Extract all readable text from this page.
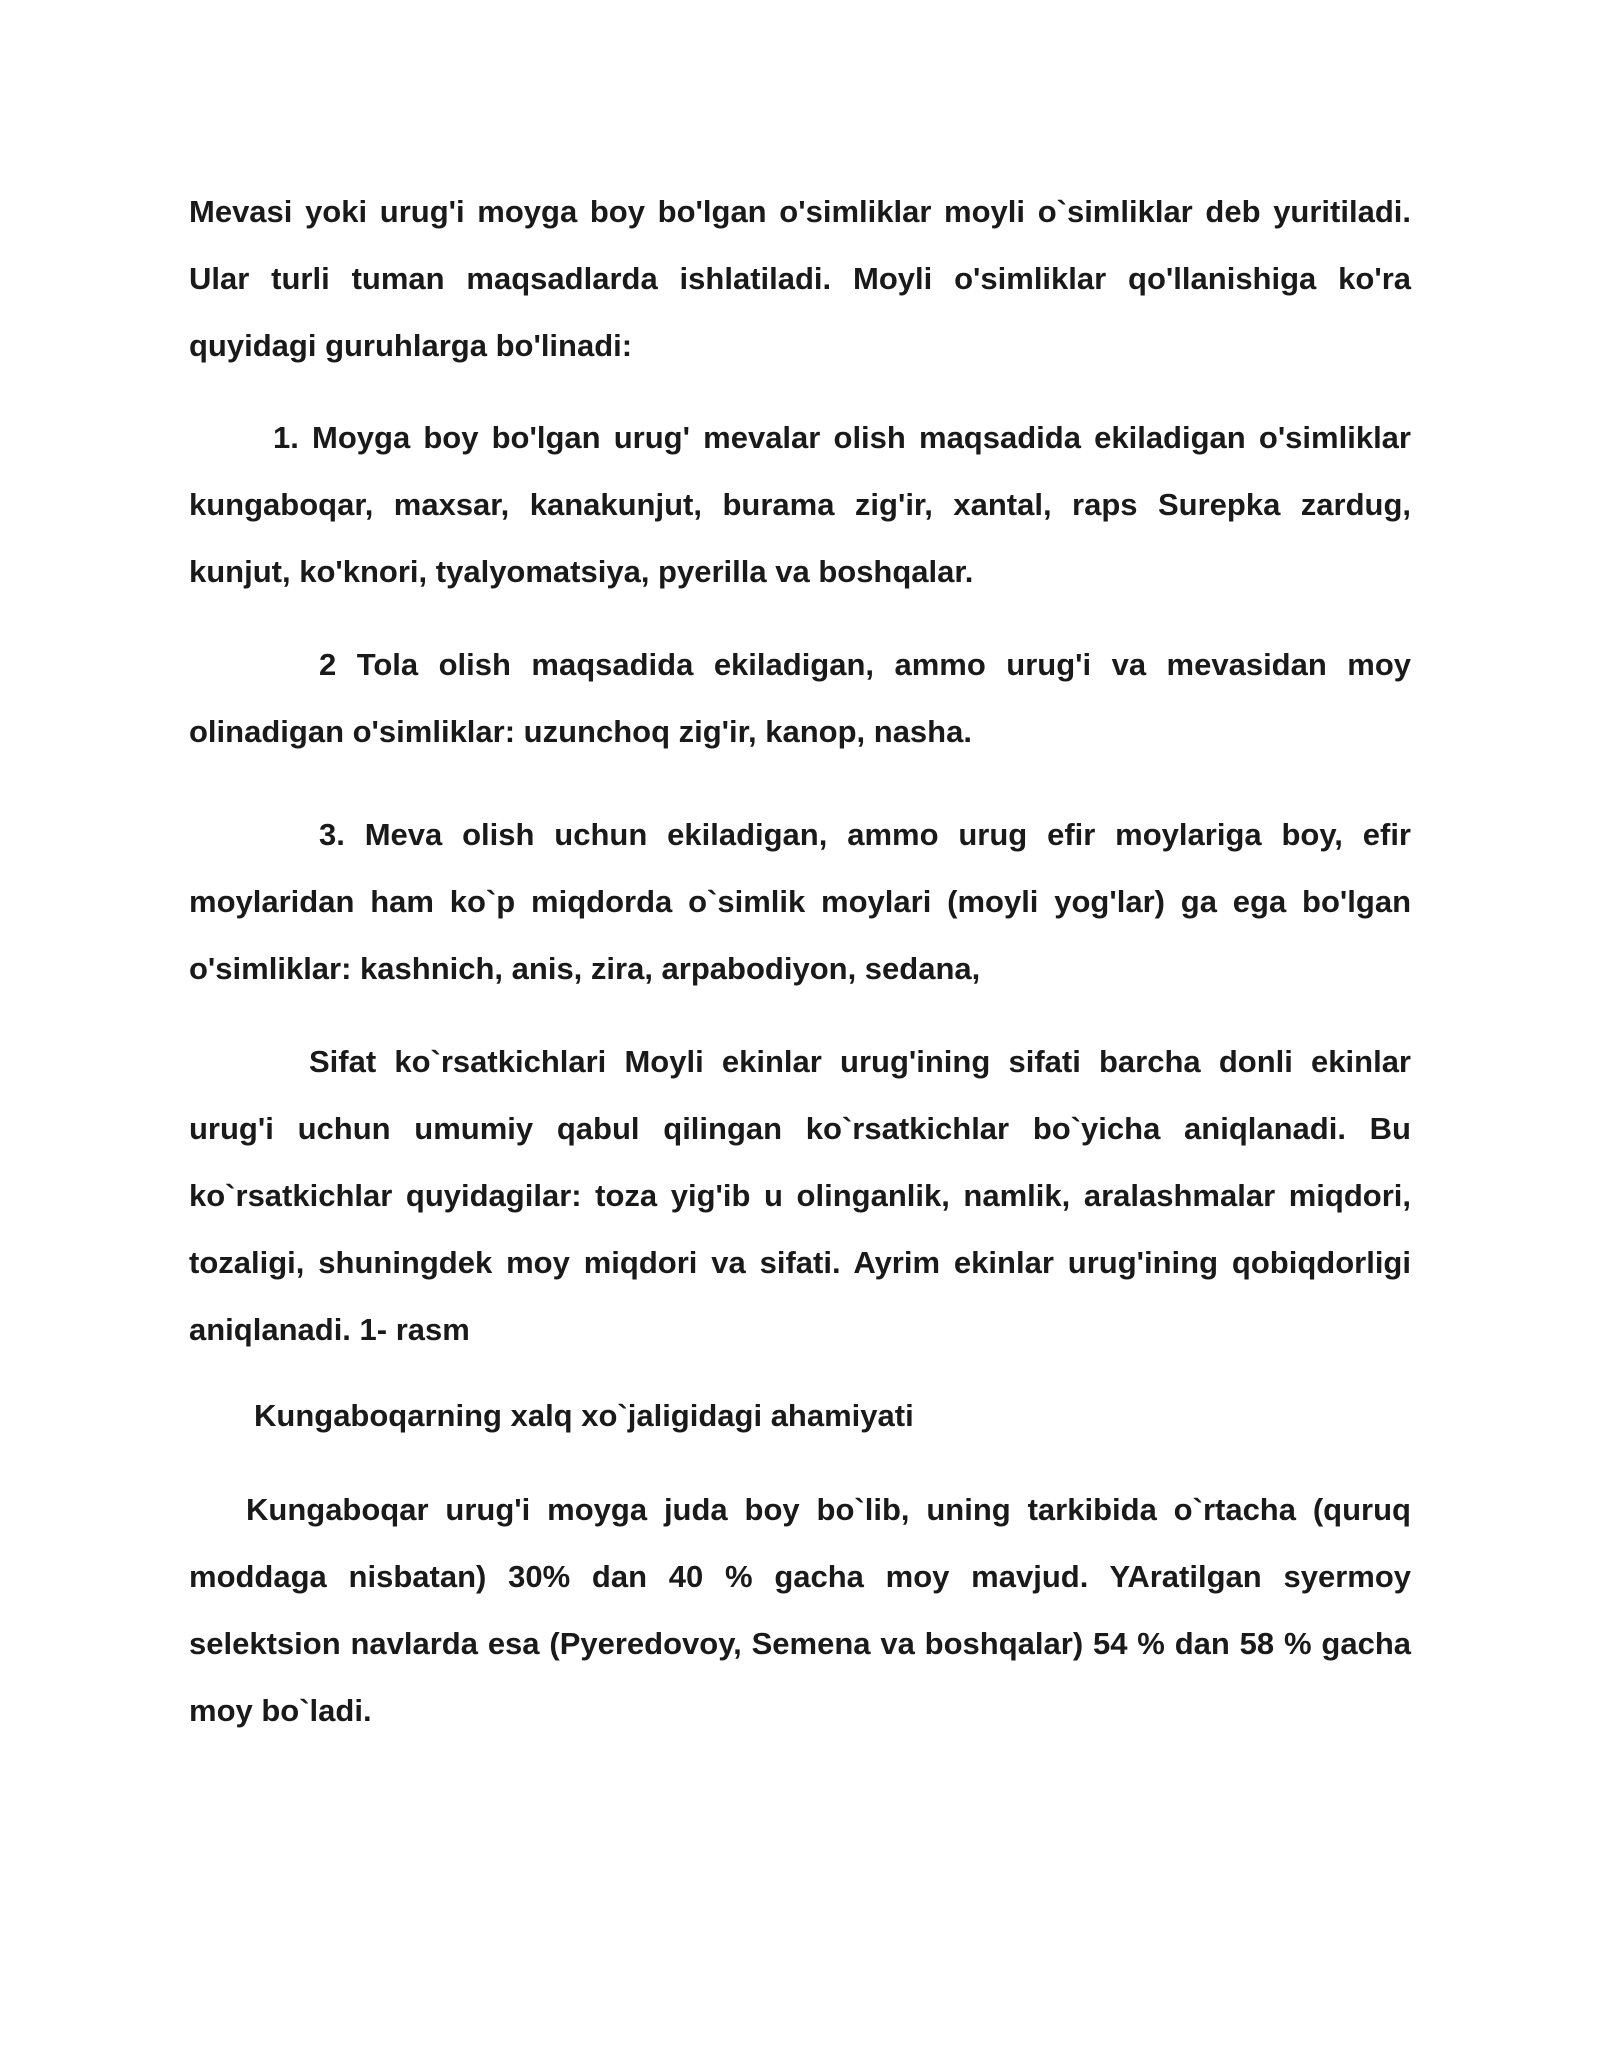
Mevasi yoki urug'i moyga boy bo'lgan o'simliklar moyli o`simliklar deb yuritiladi. Ular turli tuman maqsadlarda ishlatiladi. Moyli o'simliklar qo'llanishiga ko'ra quyidagi guruhlarga bo'linadi:

1. Moyga boy bo'lgan urug' mevalar olish maqsadida ekiladigan o'simliklar kungaboqar, maxsar, kanakunjut, burama zig'ir, xantal, raps Surepka zardug, kunjut, ko'knori, tyalyomatsiya, pyerilla va boshqalar.

2 Tola olish maqsadida ekiladigan, ammo urug'i va mevasidan moy olinadigan o'simliklar: uzunchoq zig'ir, kanop, nasha.

3. Meva olish uchun ekiladigan, ammo urug efir moylariga boy, efir moylaridan ham ko`p miqdorda o`simlik moylari (moyli yog'lar) ga ega bo'lgan o'simliklar: kashnich, anis, zira, arpabodiyon, sedana,

Sifat ko`rsatkichlari Moyli ekinlar urug'ining sifati barcha donli ekinlar urug'i uchun umumiy qabul qilingan ko`rsatkichlar bo`yicha aniqlanadi. Bu ko`rsatkichlar quyidagilar: toza yig'ib u olinganlik, namlik, aralashmalar miqdori, tozaligi, shuningdek moy miqdori va sifati. Ayrim ekinlar urug'ining qobiqdorligi aniqlanadi. 1- rasm

Kungaboqarning xalq xo`jaligidagi ahamiyati

Kungaboqar urug'i moyga juda boy bo`lib, uning tarkibida o`rtacha (quruq moddaga nisbatan) 30% dan 40 % gacha moy mavjud. YAratilgan syermoy selektsion navlarda esa (Pyeredovoy, Semena va boshqalar) 54 % dan 58 % gacha moy bo`ladi.
